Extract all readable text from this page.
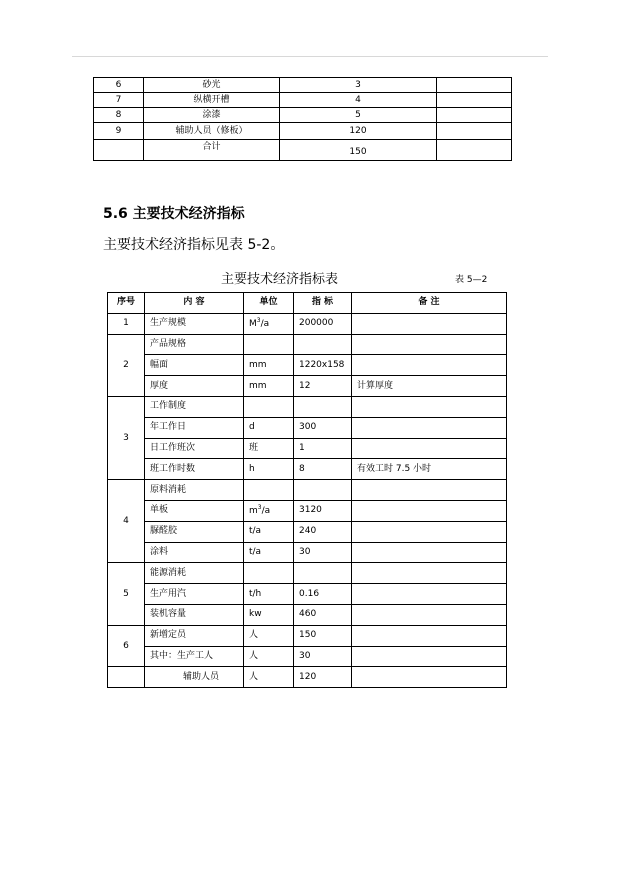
6	砂光	3	
7	纵横开槽	4	
8	涂漆	5	
9	辅助人员（修板）	120	
	合计	150	
5.6 主要技术经济指标
主要技术经济指标见表 5-2。
主要技术经济指标表	表 5—2
序号	内 容	单位	指 标	备 注
1	生产规模	$M^3/a$	200000	
2	产品规格			
	幅面	mm	1220x158	
	厚度	mm	12	计算厚度
3	工作制度			
	年工作日	d	300	
	日工作班次	班	1	
	班工作时数	h	8	有效工时 7.5 小时
4	原料消耗			
	单板	$m^3/a$	3120	
	脲醛胶	t/a	240	
	涂料	t/a	30	
5	能源消耗			
	生产用汽	t/h	0.16	
	装机容量	kw	460	
6	新增定员	人	150	
	其中：生产工人	人	30	
	辅助人员	人	120	
